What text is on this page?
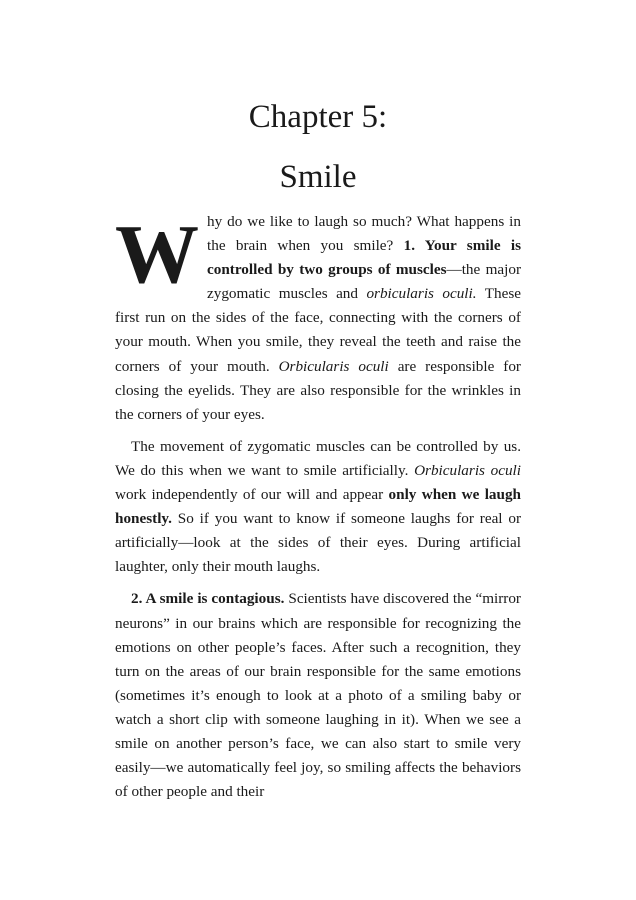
Chapter 5:
Smile

Why do we like to laugh so much? What happens in the brain when you smile? 1. Your smile is controlled by two groups of muscles—the major zygomatic muscles and orbicularis oculi. These first run on the sides of the face, connecting with the corners of your mouth. When you smile, they reveal the teeth and raise the corners of your mouth. Orbicularis oculi are responsible for closing the eyelids. They are also responsible for the wrinkles in the corners of your eyes.

The movement of zygomatic muscles can be controlled by us. We do this when we want to smile artificially. Orbicularis oculi work independently of our will and appear only when we laugh honestly. So if you want to know if someone laughs for real or artificially—look at the sides of their eyes. During artificial laughter, only their mouth laughs.

2. A smile is contagious. Scientists have discovered the “mirror neurons” in our brains which are responsible for recognizing the emotions on other people’s faces. After such a recognition, they turn on the areas of our brain responsible for the same emotions (sometimes it’s enough to look at a photo of a smiling baby or watch a short clip with someone laughing in it). When we see a smile on another person’s face, we can also start to smile very easily—we automatically feel joy, so smiling affects the behaviors of other people and their
